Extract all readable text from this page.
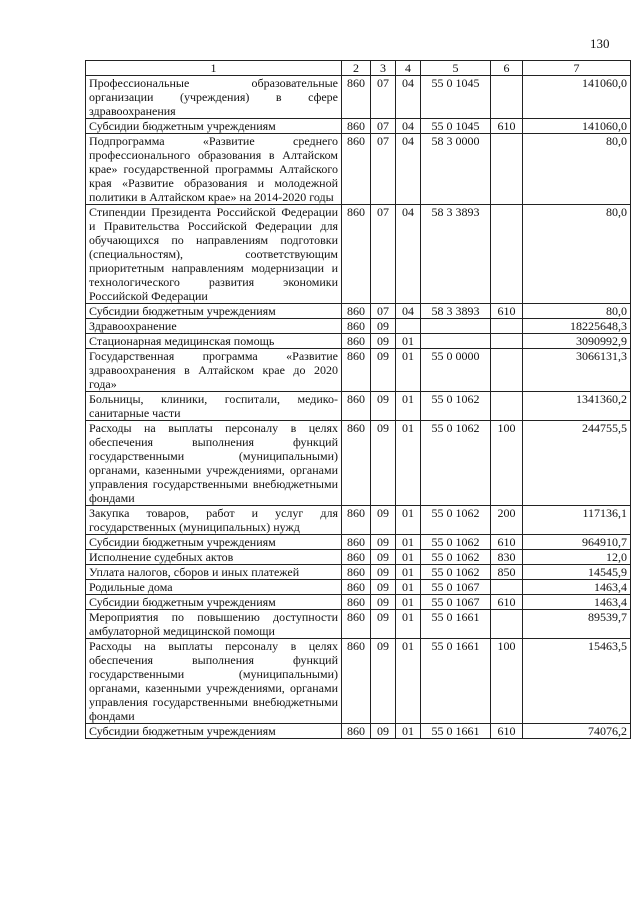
130
1	2	3	4	5	6	7
Профессиональные образовательные организации (учреждения) в сфере здравоохранения	860	07	04	55 0 1045		141060,0
Субсидии бюджетным учреждениям	860	07	04	55 0 1045	610	141060,0
Подпрограмма «Развитие среднего профессионального образования в Алтайском крае» государственной программы Алтайского края «Развитие образования и молодежной политики в Алтайском крае» на 2014-2020 годы	860	07	04	58 3 0000		80,0
Стипендии Президента Российской Федерации и Правительства Российской Федерации для обучающихся по направлениям подготовки (специальностям), соответствующим приоритетным направлениям модернизации и технологического развития экономики Российской Федерации	860	07	04	58 3 3893		80,0
Субсидии бюджетным учреждениям	860	07	04	58 3 3893	610	80,0
Здравоохранение	860	09				18225648,3
Стационарная медицинская помощь	860	09	01			3090992,9
Государственная программа «Развитие здравоохранения в Алтайском крае до 2020 года»	860	09	01	55 0 0000		3066131,3
Больницы, клиники, госпитали, медико-санитарные части	860	09	01	55 0 1062		1341360,2
Расходы на выплаты персоналу в целях обеспечения выполнения функций государственными (муниципальными) органами, казенными учреждениями, органами управления государственными внебюджетными фондами	860	09	01	55 0 1062	100	244755,5
Закупка товаров, работ и услуг для государственных (муниципальных) нужд	860	09	01	55 0 1062	200	117136,1
Субсидии бюджетным учреждениям	860	09	01	55 0 1062	610	964910,7
Исполнение судебных актов	860	09	01	55 0 1062	830	12,0
Уплата налогов, сборов и иных платежей	860	09	01	55 0 1062	850	14545,9
Родильные дома	860	09	01	55 0 1067		1463,4
Субсидии бюджетным учреждениям	860	09	01	55 0 1067	610	1463,4
Мероприятия по повышению доступности амбулаторной медицинской помощи	860	09	01	55 0 1661		89539,7
Расходы на выплаты персоналу в целях обеспечения выполнения функций государственными (муниципальными) органами, казенными учреждениями, органами управления государственными внебюджетными фондами	860	09	01	55 0 1661	100	15463,5
Субсидии бюджетным учреждениям	860	09	01	55 0 1661	610	74076,2
